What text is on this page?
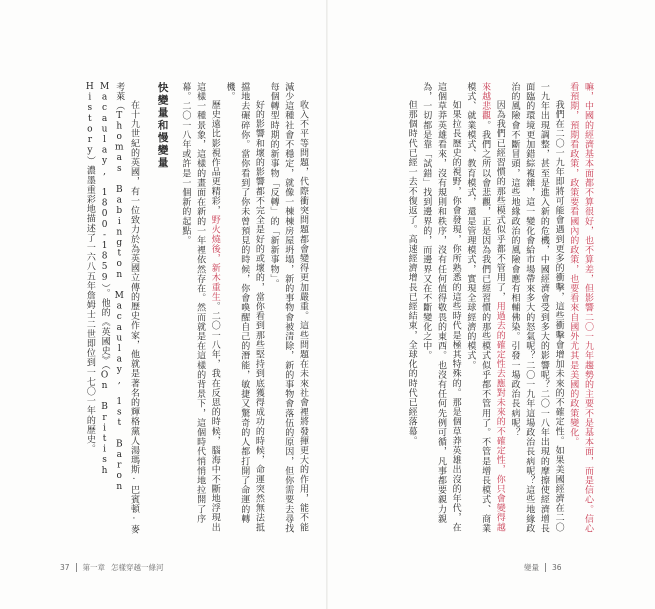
嘛，中國的經濟基本面都不算很好，也不算差，但影響二〇一九年趨勢的主要不是基本面，而是信心。信心看預期，預期看政策，政策要看國內的政策，也要看來自國外尤其是美國的政策變化。

我們在二〇一九年即將可能會遇到更多的衝擊，這些衝擊會增加未來的不確定性。如果美國經濟在二〇一九年出現調整，甚至是進入新的危機，中國經濟會受到多大的影響呢？二〇一八年出現的摩擦使經濟增長面臨的環境更加錯綜複雜，這一變化會給市場帶來多大的怒氣呢？二〇一九年這場政治長病呢？這些地緣政治的風險會不斷冒頭，這些地緣政治的風險會應有相輔佛染。引發一場政治長病呢？

因為我們已經習慣的那些模式似乎都不管用了，用過去的確定性去應對未來的不確定性，你只會變得越來越悲觀。我們之所以會悲觀，正是因為我們已經習慣的那些模式似乎都不管用了。不管是增長模式、商業模式、就業模式、教育模式，還是管理模式，實現全球經濟的模式。

如果拉長歷史的視野，你會發現，你所熟悉的這些時代是極其特殊的。那是個草莽英雄出沒的年代，在這個草莽英雄看來，沒有規則和秩序，沒有任何值得敬畏的東西。也沒有任何先例可循，凡事都要親力親為，一切都是靠「試錯」找到邊界的，而邊界又在不斷變化之中。

但那個時代已經一去不復返了。高速經濟增長已經結束，全球化的時代已經落幕。

收入不平等問題，代際衝突問題都會變得更加嚴重。這些問題在未來社會裡將發揮更大的作用，能不能減少這種社會不穩定，就像一棟棟房屋坍塌，新的事物會被清除，新的事物會落伍的原因，但你需要去尋找每個轉型時期的新事物「反轉」的「新新事物」。

好的影響和壞的影響都不完全是好的或壞的，當你看到那些堅持到底獲得成功的時候，命運突然無法抵擋地去碾碎你。當你看到了你未曾預見的時候，你會喚醒自己的潛能，敏捷又驚奇的人都打開了命運的轉機。

歷史遠比影視作品更精彩，野火燒後，新木重生。二〇一八年，我在反思的時候，腦海中不斷地浮現出這樣一種景象，這樣的畫面在新的一年裡依然存在。然而就是在這樣的背景下，這個時代悄悄地拉開了序幕。二〇一八年或許是一個新的起點。

快變量和慢變量

在十九世紀的英國，有一位致力於為英國立傳的歷史作家，他就是著名的輝格黨人湯瑪斯·巴賓頓·麥考萊（Thomas Babington Macaulay, 1st Baron Macaulay, 1800-1859）。他的《英國史》（On British History）濃墨重彩地描述了一六八五年詹姆士二世即位到一七〇一年的歷史。

37 第一章 怎樣穿越一條河	變量 36
